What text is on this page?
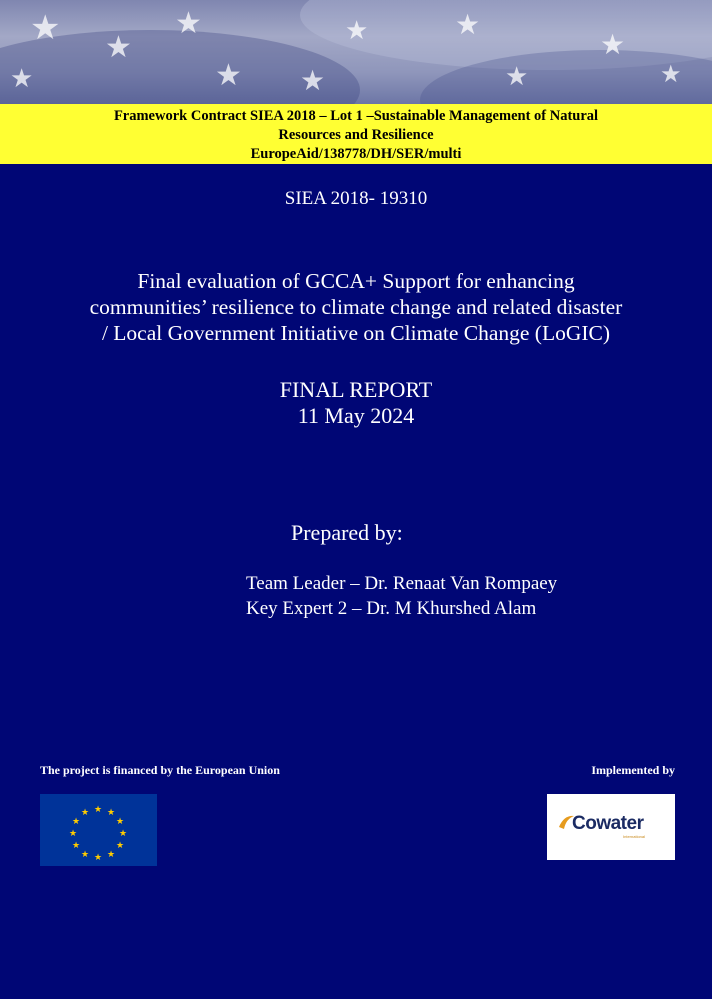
★ ★
★
★ ★
★	★
★
★
★	★
Framework Contract SIEA 2018 – Lot 1 –Sustainable Management of Natural
Resources and Resilience
EuropeAid/138778/DH/SER/multi
SIEA 2018- 19310
Final evaluation of GCCA+ Support for enhancing
communities’ resilience to climate change and related disaster
/ Local Government Initiative on Climate Change (LoGIC)
FINAL REPORT
11 May 2024
Prepared by:
Team Leader – Dr. Renaat Van Rompaey
Key Expert 2 – Dr. M Khurshed Alam
The project is financed by the European Union	Implemented by
★ ★
★
★
★
★
★
★
★
★
★
★	Cowater
International
